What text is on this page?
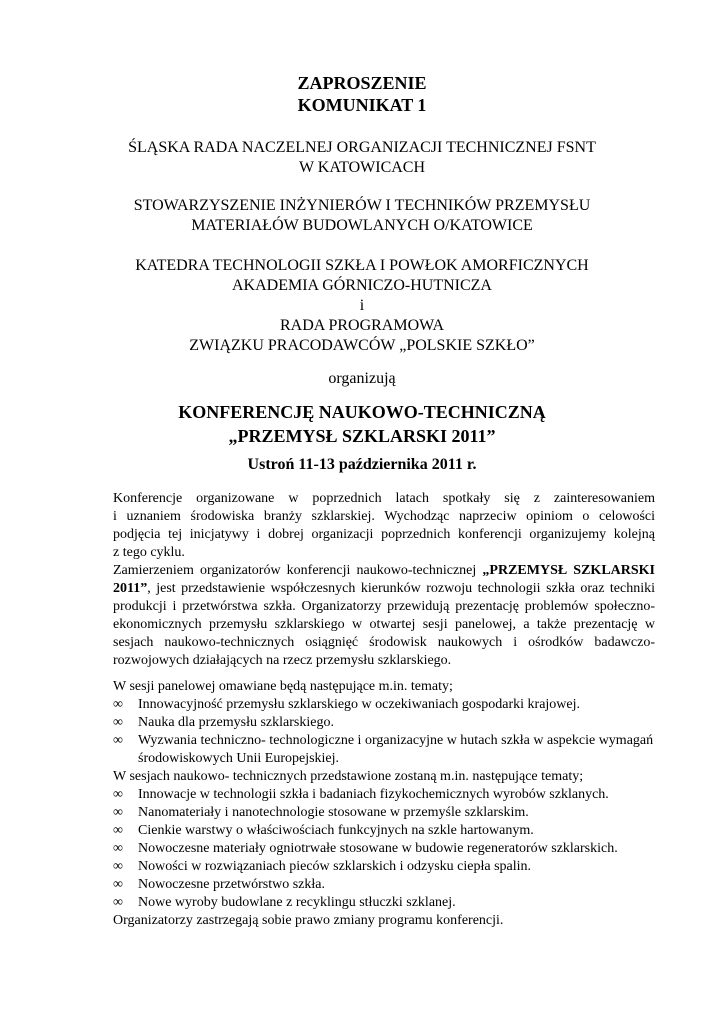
ZAPROSZENIE
KOMUNIKAT 1
ŚLĄSKA RADA NACZELNEJ ORGANIZACJI TECHNICZNEJ FSNT
W KATOWICACH
STOWARZYSZENIE INŻYNIERÓW I TECHNIKÓW PRZEMYSŁU
MATERIAŁÓW BUDOWLANYCH O/KATOWICE
KATEDRA TECHNOLOGII SZKŁA I POWŁOK AMORFICZNYCH
AKADEMIA GÓRNICZO-HUTNICZA
i
RADA PROGRAMOWA
ZWIĄZKU PRACODAWCÓW „POLSKIE SZKŁO”
organizują
KONFERENCJĘ NAUKOWO-TECHNICZNĄ
„PRZEMYSŁ SZKLARSKI 2011”
Ustroń 11-13 października 2011 r.

Konferencje organizowane w poprzednich latach spotkały się z zainteresowaniem
i uznaniem środowiska branży szklarskiej. Wychodząc naprzeciw opiniom o celowości
podjęcia tej inicjatywy i dobrej organizacji poprzednich konferencji organizujemy kolejną
z tego cyklu.

Zamierzeniem organizatorów konferencji naukowo-technicznej „PRZEMYSŁ SZKLARSKI 2011”, jest przedstawienie współczesnych kierunków rozwoju technologii szkła oraz techniki produkcji i przetwórstwa szkła. Organizatorzy przewidują prezentację problemów społeczno-ekonomicznych przemysłu szklarskiego w otwartej sesji panelowej, a także prezentację w sesjach naukowo-technicznych osiągnięć środowisk naukowych i ośrodków badawczo-rozwojowych działających na rzecz przemysłu szklarskiego.

W sesji panelowej omawiane będą następujące m.in. tematy;

∞ Innowacyjność przemysłu szklarskiego w oczekiwaniach gospodarki krajowej.
∞ Nauka dla przemysłu szklarskiego.
∞ Wyzwania techniczno- technologiczne i organizacyjne w hutach szkła w aspekcie wymagań środowiskowych Unii Europejskiej.

W sesjach naukowo- technicznych przedstawione zostaną m.in. następujące tematy;

∞ Innowacje w technologii szkła i badaniach fizykochemicznych wyrobów szklanych.
∞ Nanomateriały i nanotechnologie stosowane w przemyśle szklarskim.
∞ Cienkie warstwy o właściwościach funkcyjnych na szkle hartowanym.
∞ Nowoczesne materiały ogniotrwałe stosowane w budowie regeneratorów szklarskich.
∞ Nowości w rozwiązaniach pieców szklarskich i odzysku ciepła spalin.
∞ Nowoczesne przetwórstwo szkła.
∞ Nowe wyroby budowlane z recyklingu stłuczki szklanej.

Organizatorzy zastrzegają sobie prawo zmiany programu konferencji.
